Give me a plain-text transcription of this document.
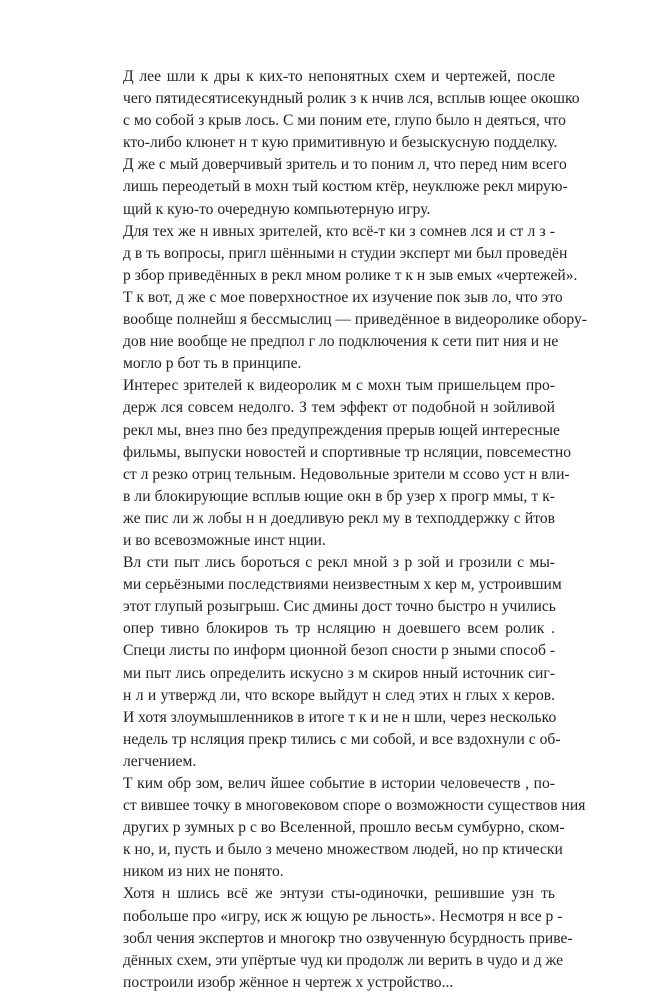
Д лее шли к дры к ких-то непонятных схем и чертежей, после
чего пятидесятисекундный ролик з к нчив лся, всплыв ющее окошко
с мо собой з крыв лось. С ми поним ете, глупо было н деяться, что
кто-либо клюнет н т кую примитивную и безыскусную подделку.
Д же с мый доверчивый зритель и то поним л, что перед ним всего
лишь переодетый в мохн тый костюм ктёр, неуклюже рекл мирую-
щий к кую-то очередную компьютерную игру.
Для тех же н ивных зрителей, кто всё-т ки з сомнев лся и ст л з -
д в ть вопросы, пригл шёнными н студии эксперт ми был проведён
р збор приведённых в рекл мном ролике т к н зыв емых «чертежей».
Т к вот, д же с мое поверхностное их изучение пок зыв ло, что это
вообще полнейш я бессмыслиц — приведённое в видеоролике обору-
дов ние вообще не предпол г ло подключения к сети пит ния и не
могло р бот ть в принципе.
Интерес зрителей к видеоролик м с мохн тым пришельцем про-
держ лся совсем недолго. З тем эффект от подобной н зойливой
рекл мы, внез пно без предупреждения прерыв ющей интересные
фильмы, выпуски новостей и спортивные тр нсляции, повсеместно
ст л резко отриц тельным. Недовольные зрители м ссово уст н вли-
в ли блокирующие всплыв ющие окн в бр узер х прогр ммы, т к-
же пис ли ж лобы н н доедливую рекл му в техподдержку с йтов
и во всевозможные инст нции.
Вл сти пыт лись бороться с рекл мной з р зой и грозили с мы-
ми серьёзными последствиями неизвестным х кер м, устроившим
этот глупый розыгрыш. Сис дмины дост точно быстро н учились
опер тивно блокиров ть тр нсляцию н доевшего всем ролик .
Специ листы по информ ционной безоп сности р зными способ -
ми пыт лись определить искусно з м скиров нный источник сиг-
н л и утвержд ли, что вскоре выйдут н след этих н глых х керов.
И хотя злоумышленников в итоге т к и не н шли, через несколько
недель тр нсляция прекр тились с ми собой, и все вздохнули с об-
легчением.
Т ким обр зом, велич йшее событие в истории человечеств , по-
ст вившее точку в многовековом споре о возможности существов ния
других р зумных р с во Вселенной, прошло весьм сумбурно, ском-
к но, и, пусть и было з мечено множеством людей, но пр ктически
ником из них не понято.
Хотя н шлись всё же энтузи сты-одиночки, решившие узн ть
побольше про «игру, иск ж ющую ре льность». Несмотря н все р -
зобл чения экспертов и многокр тно озвученную бсурдность приве-
дённых схем, эти упёртые чуд ки продолж ли верить в чудо и д же
построили изобр жённое н чертеж х устройство...
